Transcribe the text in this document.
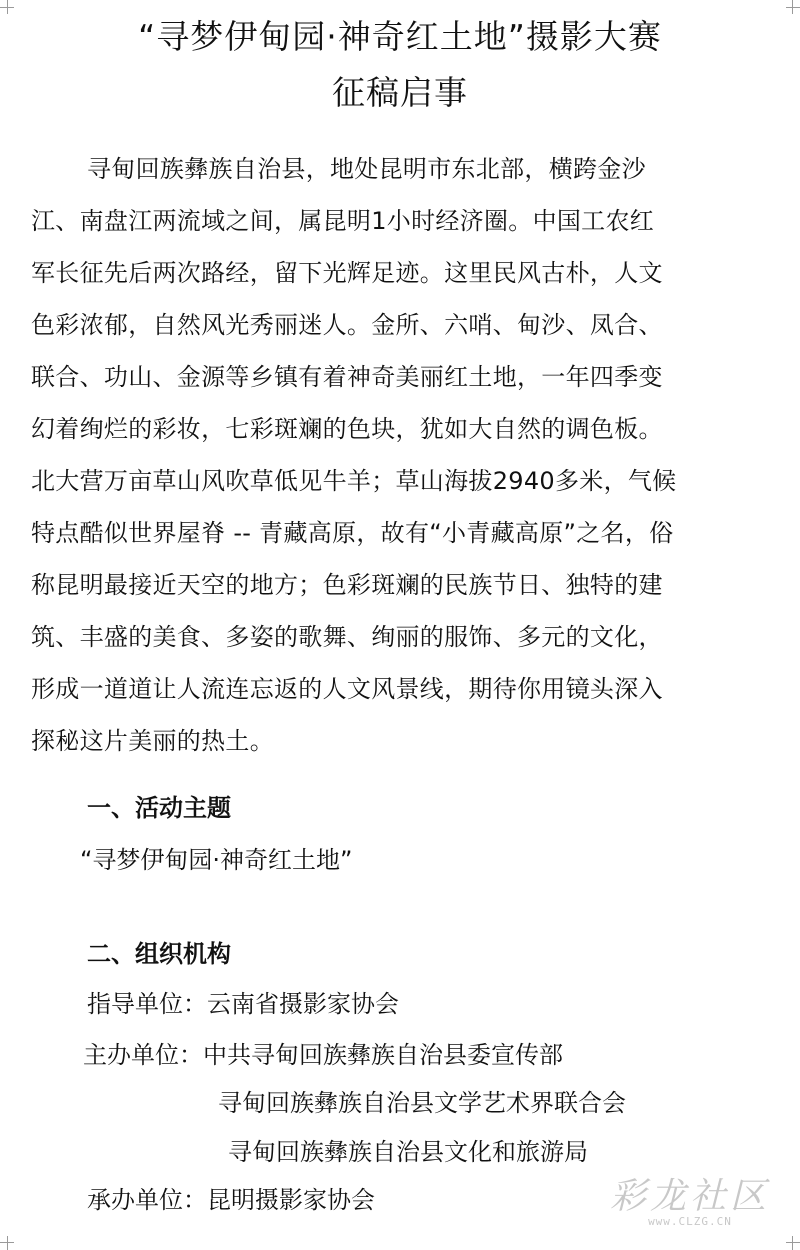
“寻梦伊甸园·神奇红土地”摄影大赛
征稿启事
寻甸回族彝族自治县，地处昆明市东北部，横跨金沙
江、南盘江两流域之间，属昆明1小时经济圈。中国工农红
军长征先后两次路经，留下光辉足迹。这里民风古朴，人文
色彩浓郁，自然风光秀丽迷人。金所、六哨、甸沙、凤合、
联合、功山、金源等乡镇有着神奇美丽红土地，一年四季变
幻着绚烂的彩妆，七彩斑斓的色块，犹如大自然的调色板。
北大营万亩草山风吹草低见牛羊；草山海拔2940多米，气候
特点酷似世界屋脊 -- 青藏高原，故有“小青藏高原”之名，俗
称昆明最接近天空的地方；色彩斑斓的民族节日、独特的建
筑、丰盛的美食、多姿的歌舞、绚丽的服饰、多元的文化，
形成一道道让人流连忘返的人文风景线，期待你用镜头深入
探秘这片美丽的热土。
一、活动主题
“寻梦伊甸园·神奇红土地”
二、组织机构
指导单位：云南省摄影家协会
主办单位：中共寻甸回族彝族自治县委宣传部
寻甸回族彝族自治县文学艺术界联合会
寻甸回族彝族自治县文化和旅游局
承办单位：昆明摄影家协会	彩龙社区
www.CLZG.CN
